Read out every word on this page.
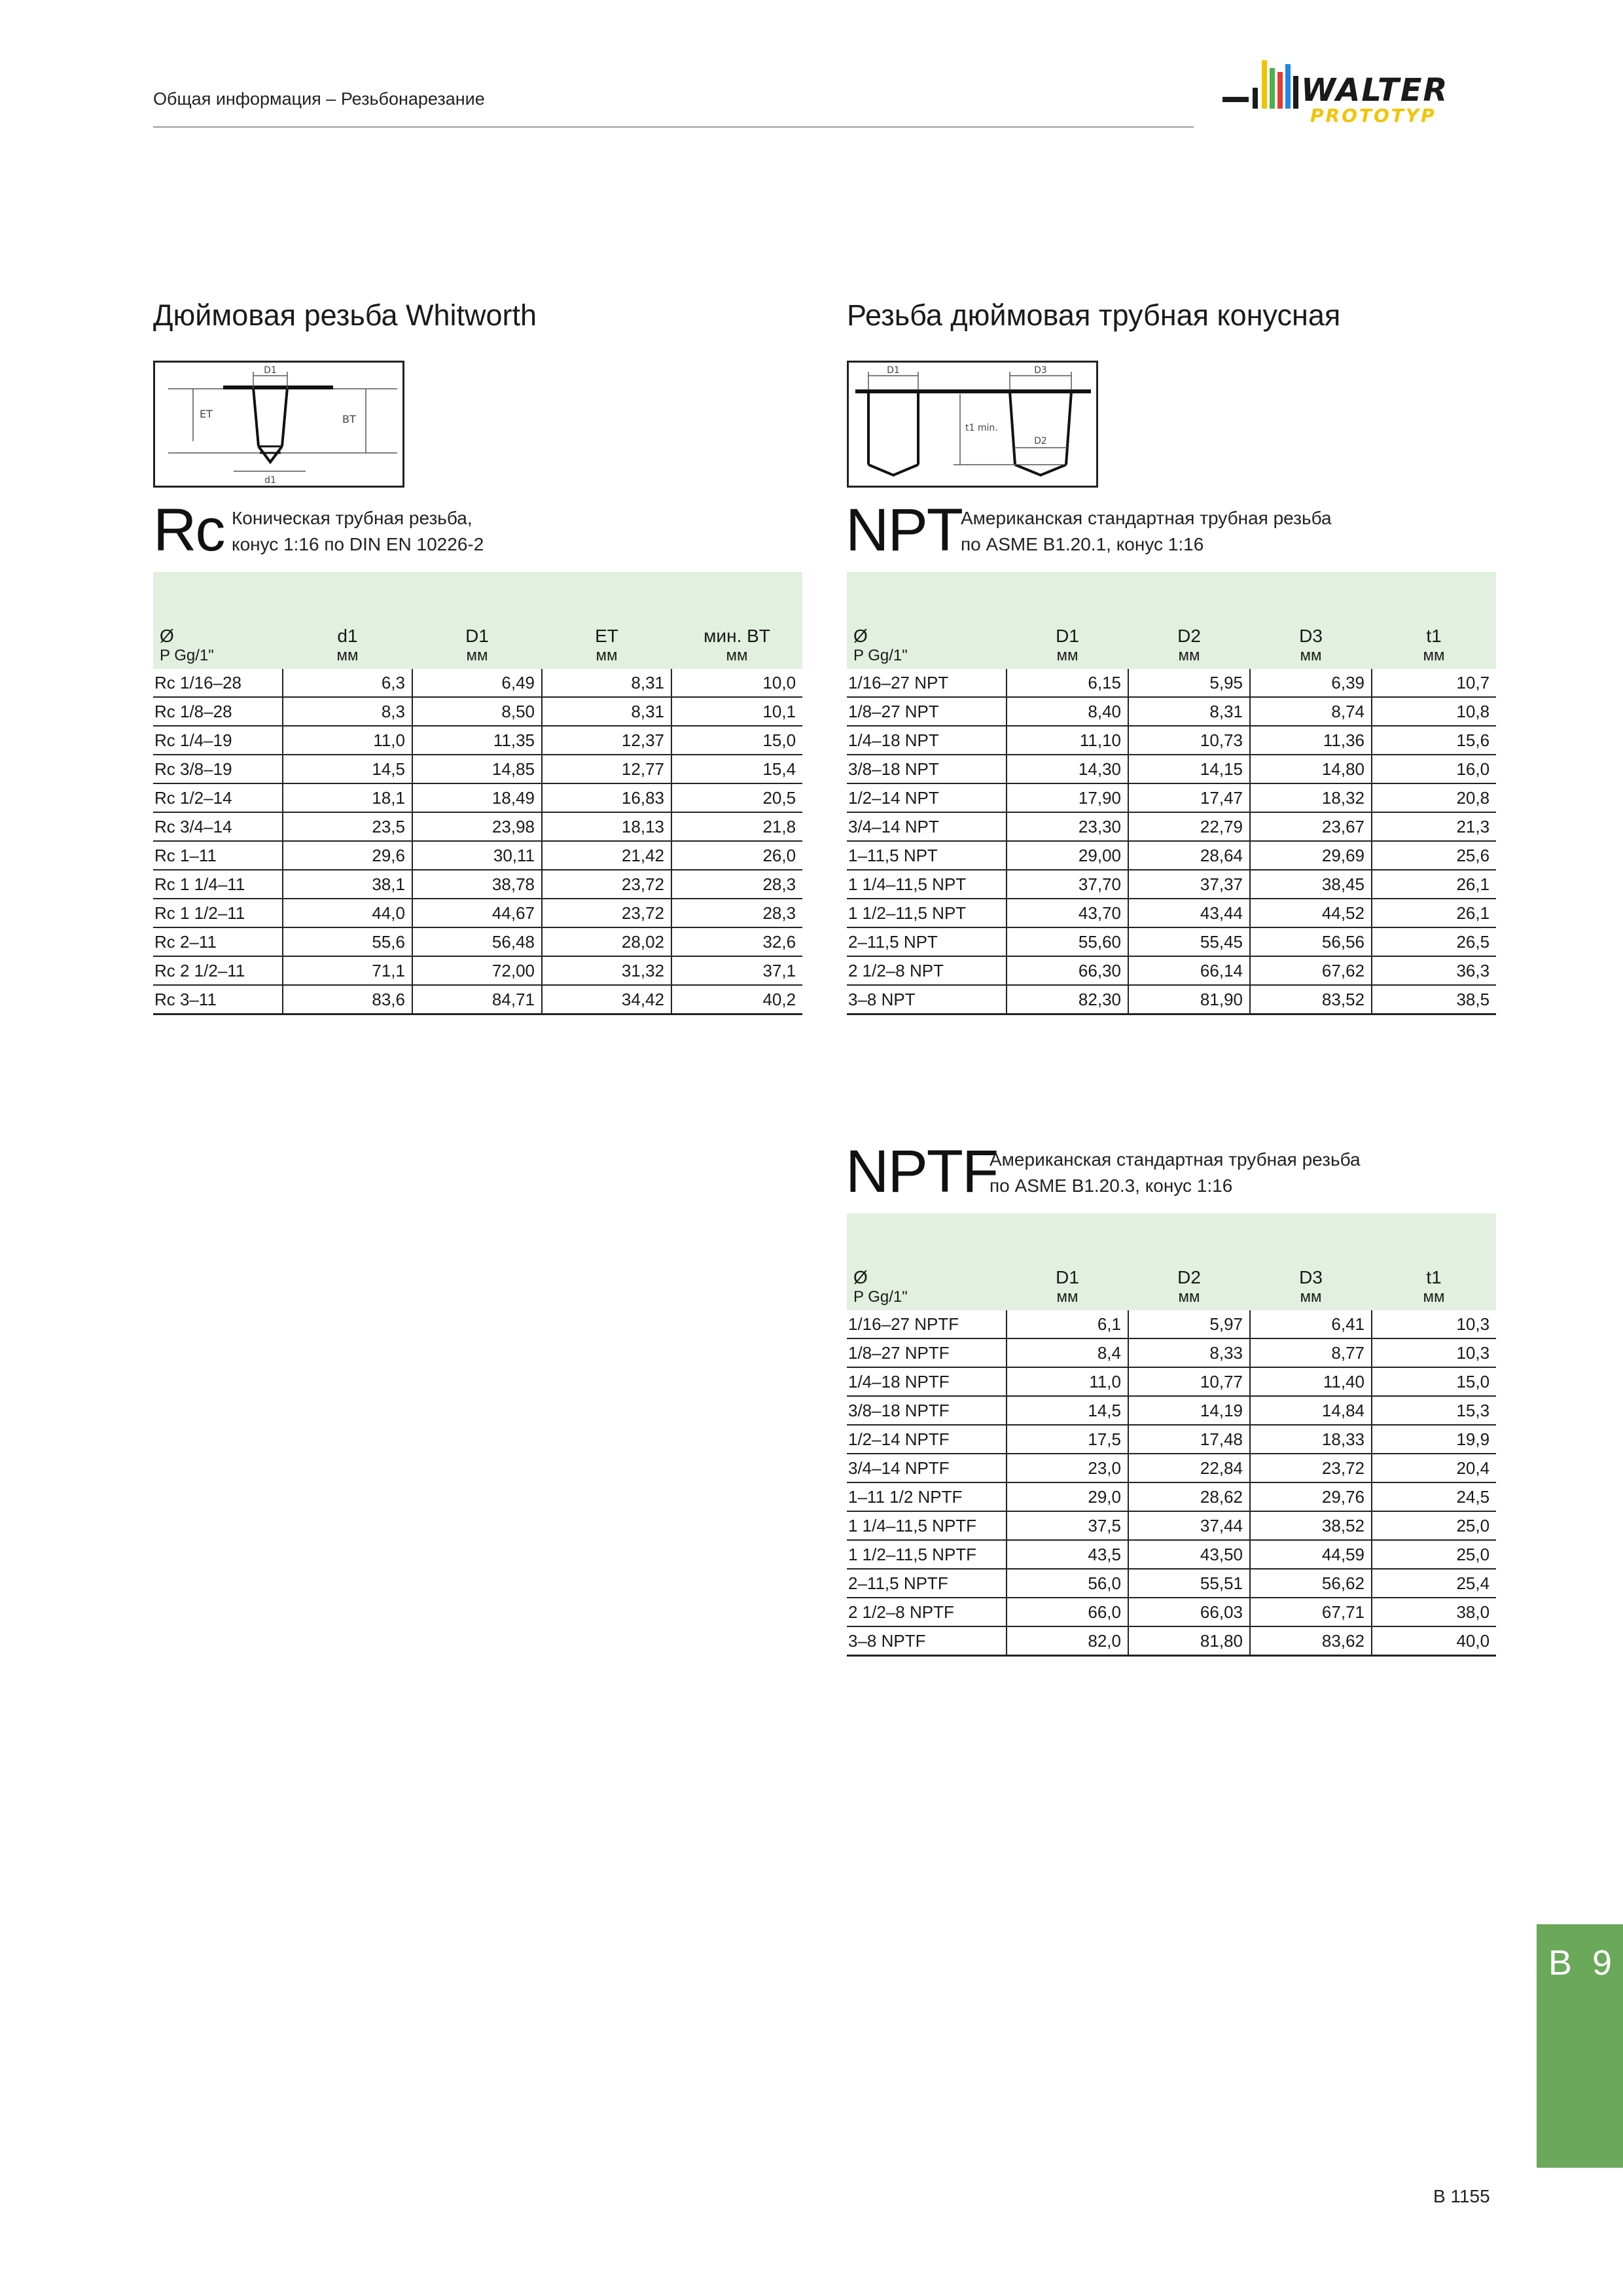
Общая информация – Резьбонарезание	WALTER
PROTOTYP
Дюймовая резьба Whitworth
D1
ET	BT
d1
Rc Коническая трубная резьба,
конус 1:16 по DIN EN 10226-2

Ø	d1	D1	ET	мин. BT
P Gg/1"	мм	мм	мм	мм
Rc 1/16–28	6,3	6,49	8,31	10,0
Rc 1/8–28	8,3	8,50	8,31	10,1
Rc 1/4–19	11,0	11,35	12,37	15,0
Rc 3/8–19	14,5	14,85	12,77	15,4
Rc 1/2–14	18,1	18,49	16,83	20,5
Rc 3/4–14	23,5	23,98	18,13	21,8
Rc 1–11	29,6	30,11	21,42	26,0
Rc 1 1/4–11	38,1	38,78	23,72	28,3
Rc 1 1/2–11	44,0	44,67	23,72	28,3
Rc 2–11	55,6	56,48	28,02	32,6
Rc 2 1/2–11	71,1	72,00	31,32	37,1
Rc 3–11	83,6	84,71	34,42	40,2
Резьба дюймовая трубная конусная
D1	D3
t1 min.
D2
NPT
Американская стандартная трубная резьба
по ASME B1.20.1, конус 1:16

Ø	D1	D2	D3	t1
P Gg/1"	мм	мм	мм	мм
1/16–27 NPT	6,15	5,95	6,39	10,7
1/8–27 NPT	8,40	8,31	8,74	10,8
1/4–18 NPT	11,10	10,73	11,36	15,6
3/8–18 NPT	14,30	14,15	14,80	16,0
1/2–14 NPT	17,90	17,47	18,32	20,8
3/4–14 NPT	23,30	22,79	23,67	21,3
1–11,5 NPT	29,00	28,64	29,69	25,6
1 1/4–11,5 NPT	37,70	37,37	38,45	26,1
1 1/2–11,5 NPT	43,70	43,44	44,52	26,1
2–11,5 NPT	55,60	55,45	56,56	26,5
2 1/2–8 NPT	66,30	66,14	67,62	36,3
3–8 NPT	82,30	81,90	83,52	38,5
NPTF
Американская стандартная трубная резьба
по ASME B1.20.3, конус 1:16

Ø	D1	D2	D3	t1
P Gg/1"	мм	мм	мм	мм
1/16–27 NPTF	6,1	5,97	6,41	10,3
1/8–27 NPTF	8,4	8,33	8,77	10,3
1/4–18 NPTF	11,0	10,77	11,40	15,0
3/8–18 NPTF	14,5	14,19	14,84	15,3
1/2–14 NPTF	17,5	17,48	18,33	19,9
3/4–14 NPTF	23,0	22,84	23,72	20,4
1–11 1/2 NPTF	29,0	28,62	29,76	24,5
1 1/4–11,5 NPTF	37,5	37,44	38,52	25,0
1 1/2–11,5 NPTF	43,5	43,50	44,59	25,0
2–11,5 NPTF	56,0	55,51	56,62	25,4
2 1/2–8 NPTF	66,0	66,03	67,71	38,0
3–8 NPTF	82,0	81,80	83,62	40,0
B 9
B 1155
